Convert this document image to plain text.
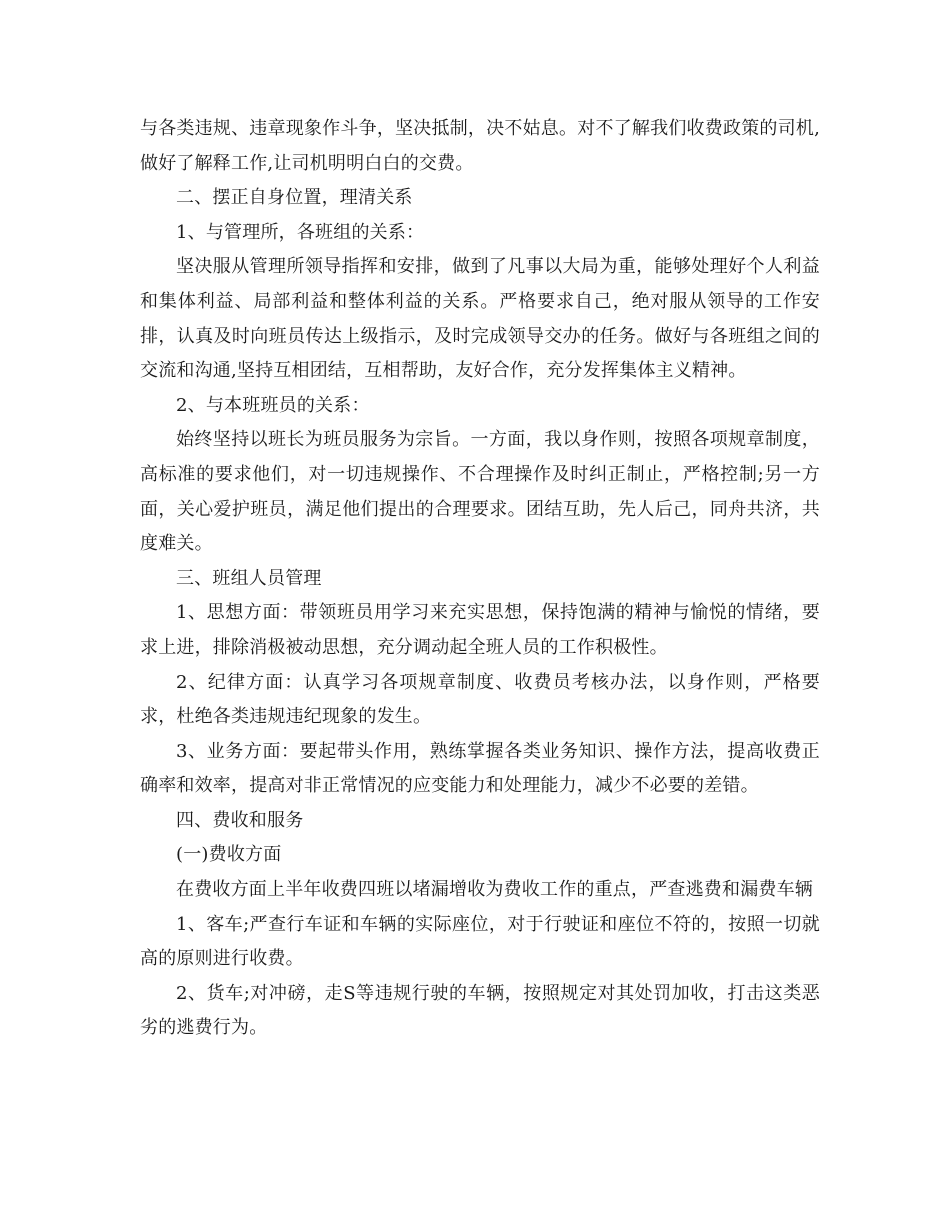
与各类违规、违章现象作斗争，坚决抵制，决不姑息。对不了解我们收费政策的司机,做好了解释工作,让司机明明白白的交费。

二、摆正自身位置，理清关系

1、与管理所，各班组的关系：

坚决服从管理所领导指挥和安排，做到了凡事以大局为重，能够处理好个人利益和集体利益、局部利益和整体利益的关系。严格要求自己，绝对服从领导的工作安排，认真及时向班员传达上级指示，及时完成领导交办的任务。做好与各班组之间的交流和沟通,坚持互相团结，互相帮助，友好合作，充分发挥集体主义精神。

2、与本班班员的关系：

始终坚持以班长为班员服务为宗旨。一方面，我以身作则，按照各项规章制度，高标准的要求他们，对一切违规操作、不合理操作及时纠正制止，严格控制;另一方面，关心爱护班员，满足他们提出的合理要求。团结互助，先人后己，同舟共济，共度难关。

三、班组人员管理

1、思想方面：带领班员用学习来充实思想，保持饱满的精神与愉悦的情绪，要求上进，排除消极被动思想，充分调动起全班人员的工作积极性。

2、纪律方面：认真学习各项规章制度、收费员考核办法，以身作则，严格要求，杜绝各类违规违纪现象的发生。

3、业务方面：要起带头作用，熟练掌握各类业务知识、操作方法，提高收费正确率和效率，提高对非正常情况的应变能力和处理能力，减少不必要的差错。

四、费收和服务

(一)费收方面

在费收方面上半年收费四班以堵漏增收为费收工作的重点，严查逃费和漏费车辆

1、客车;严查行车证和车辆的实际座位，对于行驶证和座位不符的，按照一切就高的原则进行收费。

2、货车;对冲磅，走S等违规行驶的车辆，按照规定对其处罚加收，打击这类恶劣的逃费行为。
